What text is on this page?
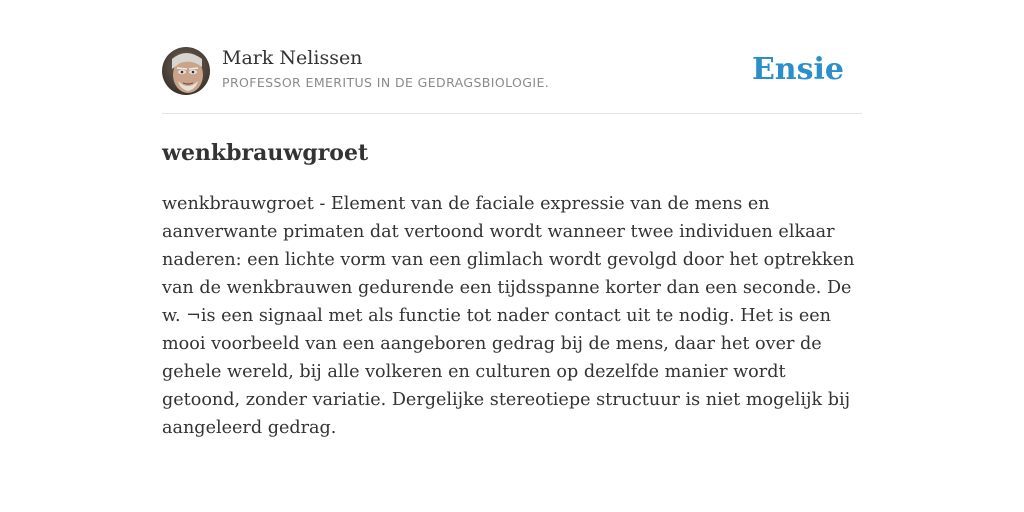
Mark Nelissen
PROFESSOR EMERITUS IN DE GEDRAGSBIOLOGIE.	Ensie
wenkbrauwgroet

wenkbrauwgroet - Element van de faciale expressie van de mens en aanverwante primaten dat vertoond wordt wanneer twee individuen elkaar naderen: een lichte vorm van een glimlach wordt gevolgd door het optrekken van de wenkbrauwen gedurende een tijdsspanne korter dan een seconde. De w. ¬is een signaal met als functie tot nader contact uit te nodig. Het is een mooi voorbeeld van een aangeboren gedrag bij de mens, daar het over de gehele wereld, bij alle volkeren en culturen op dezelfde manier wordt getoond, zonder variatie. Dergelijke stereotiepe structuur is niet mogelijk bij aangeleerd gedrag.
